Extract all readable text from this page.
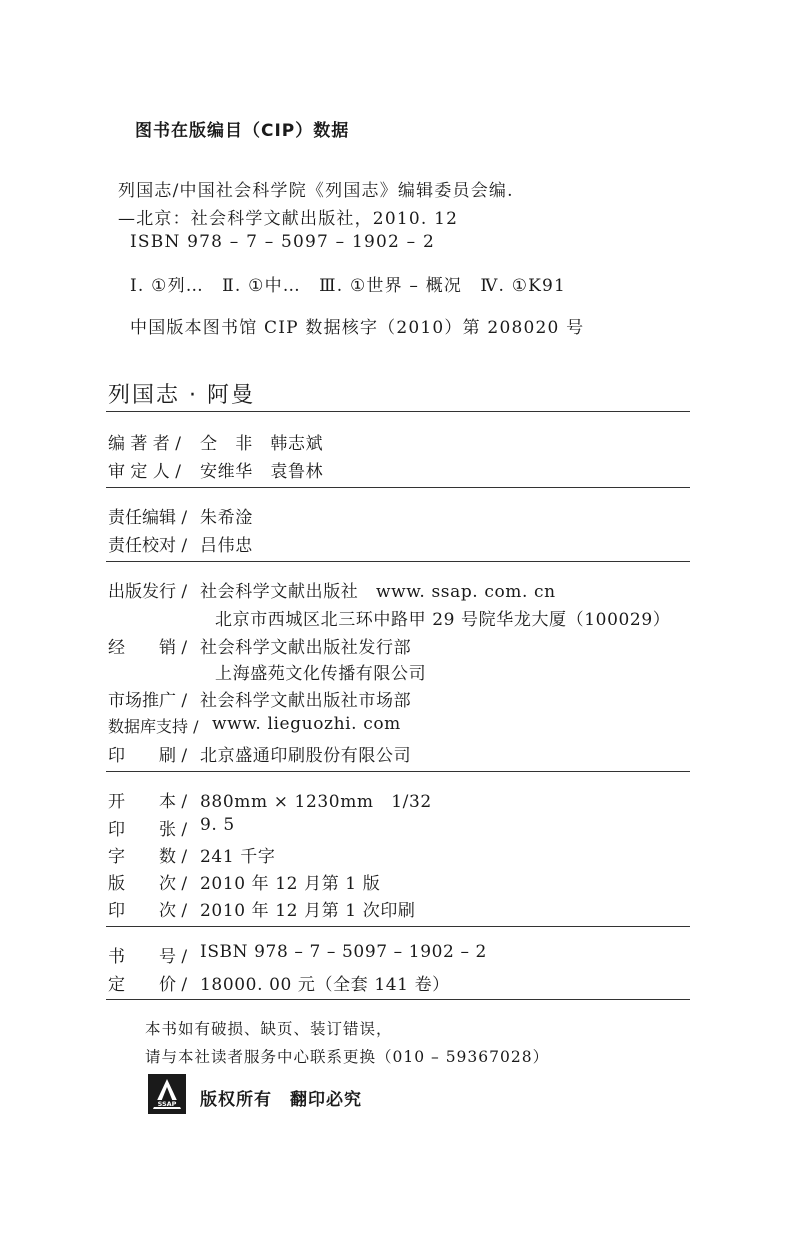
图书在版编目（CIP）数据
列国志/中国社会科学院《列国志》编辑委员会编.
—北京：社会科学文献出版社，2010. 12
ISBN 978 – 7 – 5097 – 1902 – 2
Ⅰ. ①列…　Ⅱ. ①中…　Ⅲ. ①世界 – 概况　Ⅳ. ①K91
中国版本图书馆 CIP 数据核字（2010）第 208020 号
列国志 · 阿曼
编 著 者 / 仝　非　韩志斌
审 定 人 / 安维华　袁鲁林
责任编辑 / 朱希淦
责任校对 / 吕伟忠
出版发行 / 社会科学文献出版社　www. ssap. com. cn
北京市西城区北三环中路甲 29 号院华龙大厦（100029）
经　　销 / 社会科学文献出版社发行部
上海盛苑文化传播有限公司
市场推广 / 社会科学文献出版社市场部
数据库支持 / www. lieguozhi. com
印　　刷 / 北京盛通印刷股份有限公司
开　　本 / 880mm × 1230mm　1/32
印　　张 / 9. 5
字　　数 / 241 千字
版　　次 / 2010 年 12 月第 1 版
印　　次 / 2010 年 12 月第 1 次印刷
书　　号 / ISBN 978 – 7 – 5097 – 1902 – 2
定　　价 / 18000. 00 元（全套 141 卷）
本书如有破损、缺页、装订错误，
请与本社读者服务中心联系更换（010 – 59367028）
SSAP 版权所有 翻印必究
